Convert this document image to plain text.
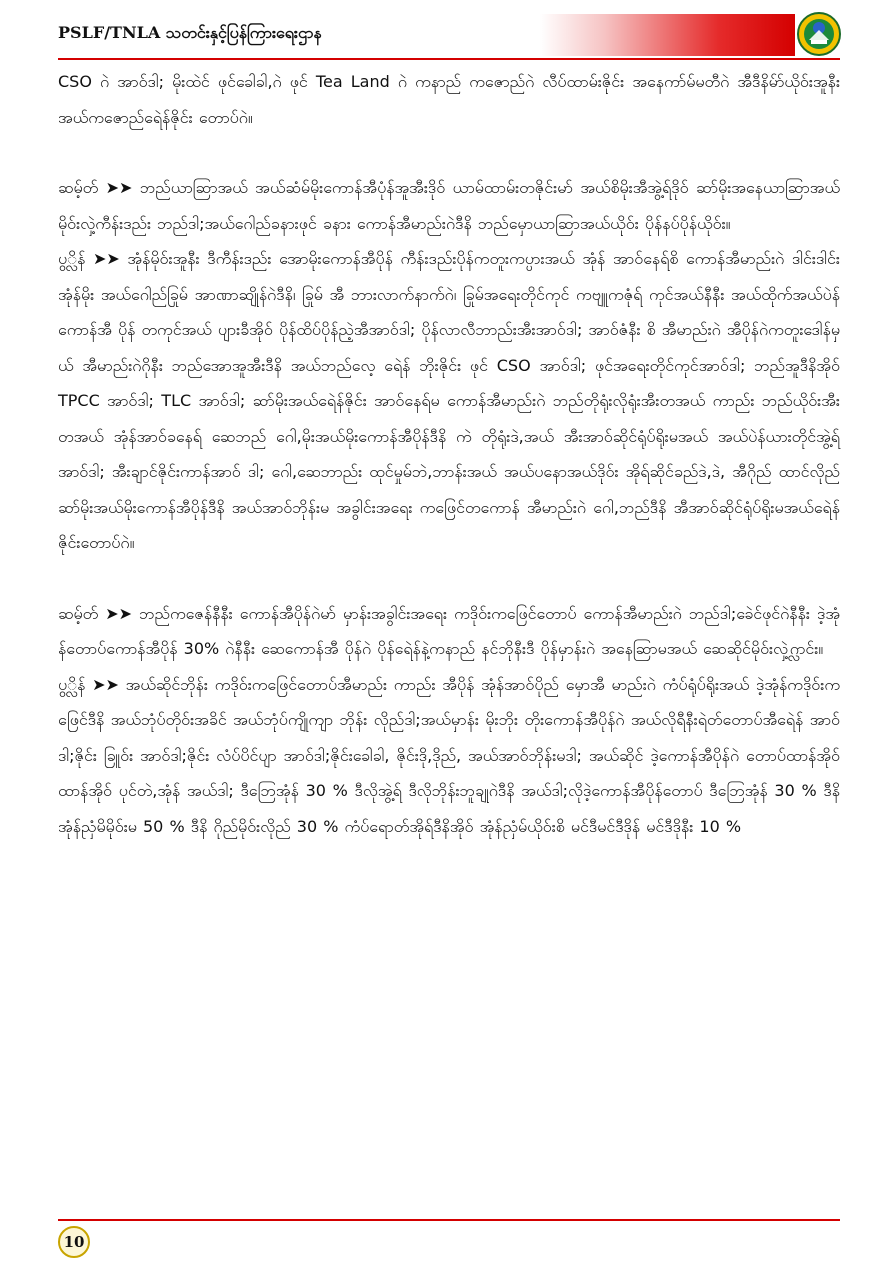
PSLF/TNLA သတင်းနှင့်ပြန်ကြားရေးဌာန

CSO ဂဲ အာဝ်ဒါ; မိုးထဲင် ဖုင်ခေါခါ,ဂဲ ဖုင် Tea Land ဂဲ ကနာည် ကဇောည်ဂဲ လီပ်ထာမ်းဇိုင်း အနေကာ်မ်မတီဂဲ အီဒီနိမ်ာ်ယိုဝ်းအူနီး အယ်ကဇောည်ရေဲန်ဇိုင်း တောပ်ဂဲ။

ဆမ့်တ် ➤➤ ဘည်ယာဆြာအယ် အယ်ဆံမ်မိုးကောန်အီပုံန်အူအီးဒိုဝ် ယာမ်ထာမ်းတဇိုင်းမာ် အယ်စိမိုးအီအွဲ့ရ်ဒိုဝ် ဆာ်မိုးအနေယာဆြာအယ် မိုဝ်းလှဲ့ကီန်းဒည်း ဘည်ဒါ;အယ်ဂေါည်ခနားဖုင် ခနား ကောန်အီမာည်းဂဲဒီနိ ဘည်မှောယာဆြာအယ်ယိုဝ်း ပိုန်နပ်ပိုန်ယိုဝ်း။

ပွ္လိန် ➤➤ အုံန်မိုဝ်းအူနီး ဒီကီန်းဒည်း အောမိုးကောန်အီပိုန် ကီန်းဒည်းပိုန်ကတူးကပ္ပားအယ် အုံန် အာဝ်နေရ်စိ ကောန်အီမာည်းဂဲ ဒါင်းဒါင်းအုံန်မိုး အယ်ဂေါည်ခြုမ် အာဏာဆျိုန်ဂဲဒီနိ၊ ခြုမ် အီ ဘားလာက်နာက်ဂဲ၊ ခြုမ်အရေးတိုင်ကုင် ကဗျူကဇုံရ် ကုင်အယ်နီနီး အယ်ထိုက်အယ်ပဲန် ကောန်အီ ပိုန် တကုင်အယ် ပျားခီအိုဝ် ပိုန်ထိပ်ပိုန်ညဲ့အီအာဝ်ဒါ; ပိုန်လာလီဘာည်းအီးအာဝ်ဒါ; အာဝ်ဇံနီး စိ အီမာည်းဂဲ အီပိုန်ဂဲကတူးဒေါန်မှယ် အီမာည်းဂဲဂိုနီး ဘည်အောအူအီးဒီနိ အယ်ဘည်လေ့ ရေဲန် ဘိုးဇိုင်း ဖုင် CSO အာဝ်ဒါ; ဖုင်အရေးတိုင်ကုင်အာဝ်ဒါ; ဘည်အူဒီနိအိုဝ် TPCC အာဝ်ဒါ; TLC အာဝ်ဒါ; ဆာ်မိုးအယ်ရေဲန်ဇိုင်း အာဝ်နေရ်မ ကောန်အီမာည်းဂဲ ဘည်တိုရုံးလိုရုံးအီးတအယ် ကာည်း ဘည်ယိုဝ်းအီးတအယ် အုံန်အာဝ်ခနေရ် ဆေဘည် ဂေါ,မိုးအယ်မိုးကောန်အီပိုန်ဒီနိ ကဲ တိုရုံးဒဲ,အယ် အီးအာဝ်ဆိုင်ရုံပ်ရိုးမအယ် အယ်ပဲန်ယားတိုင်အွဲ့ရ် အာဝ်ဒါ; အီးချာင်ဇိုင်းကာန်အာဝ် ဒါ; ဂေါ,ဆေဘာည်း ထုင်မှုမ်ဘဲ,ဘာန်းအယ် အယ်ပနောအယ်ဒိုဝ်း အိုရ်ဆိုင်ခည်ဒဲ,ဒဲ, အီဂိုည် ထာင်လိုည် ဆာ်မိုးအယ်မိုးကောန်အီပိုန်ဒီနိ အယ်အာဝ်ဘိုန်းမ အခွါင်းအရေး ကဖြေင်တကောန် အီမာည်းဂဲ ဂေါ,ဘည်ဒီနိ အီအာဝ်ဆိုင်ရုံပ်ရိုးမအယ်ရေဲန် ဇိုင်းတောပ်ဂဲ။

ဆမ့်တ် ➤➤ ဘည်ကဇေန်နီနီး ကောန်အီပိုန်ဂဲမာ် မှာန်းအခွါင်းအရေး ကဒိုဝ်းကဖြေင်တောပ် ကောန်အီမာည်းဂဲ ဘည်ဒါ;ခေဲင်ဖုင်ဂဲနီနီး ဒဲ့အုံန်တောပ်ကောန်အီပိုန် 30% ဂဲနီနီး ဆေကောန်အီ ပိုန်ဂဲ ပိုန်ရေဲန်နဲ့ကနာည် နင်ဘိုနီးဒီ ပိုန်မှာန်းဂဲ အနေဆြာမအယ် ဆေဆိုင်မိုဝ်းလှဲ့ဂ္လာင်း။

ပွ္လိန် ➤➤ အယ်ဆိုင်ဘိုန်း ကဒိုဝ်းကဖြေင်တောပ်အီမာည်း ကာည်း အီပိုန် အုံန်အာဝ်ပိုည် မှောအီ မာည်းဂဲ ကံပ်ရုံပ်ရိုးအယ် ဒဲ့အုံန်ကဒိုဝ်းကဖြေင်ဒီနိ အယ်ဘုံပ်တိုဝ်းအခိင် အယ်ဘုံပ်ကျိုကျာ ဘိုန်း လိုည်ဒါ;အယ်မှာန်း မိုးဘိုး တိုးကောန်အီပိုန်ဂဲ အယ်လိုရီနီးရဲတ်တောပ်အီရေဲန် အာဝ်ဒါ;ဇိုင်း ခြူဝ်း အာဝ်ဒါ;ဇိုင်း လံပ်ပိင်ပျာ အာဝ်ဒါ;ဇိုင်းခေါခါ, ဇိုင်းဒို,ဒိုည်, အယ်အာဝ်ဘိုန်းမဒါ; အယ်ဆိုင် ဒဲ့ကောန်အီပိုန်ဂဲ တောပ်ထာန်အိုဝ် ထာန်အိုဝ် ပုင်တဲ,အုံန် အယ်ဒါ; ဒီဘြေအုံန် 30 % ဒီလိုအွဲ့ရ် ဒီလိုဘိုန်းဘူချုဂဲဒီနိ အယ်ဒါ;လိုဒဲ့ကောန်အီပိုန်တောပ် ဒီဘြေအုံန် 30 % ဒီနိ အုံန်ညှံမိမိုဝ်းမ 50 % ဒီနိ ဂိုည်မိုဝ်းလိုည် 30 % ကံပ်ရောတ်အိုရ်ဒီနိအိုဝ် အုံန်ညှံမ်ယိုဝ်းစိ မင်ဒီမင်ဒီဒိုန် မင်ဒီဒိုနီး 10 %

10
